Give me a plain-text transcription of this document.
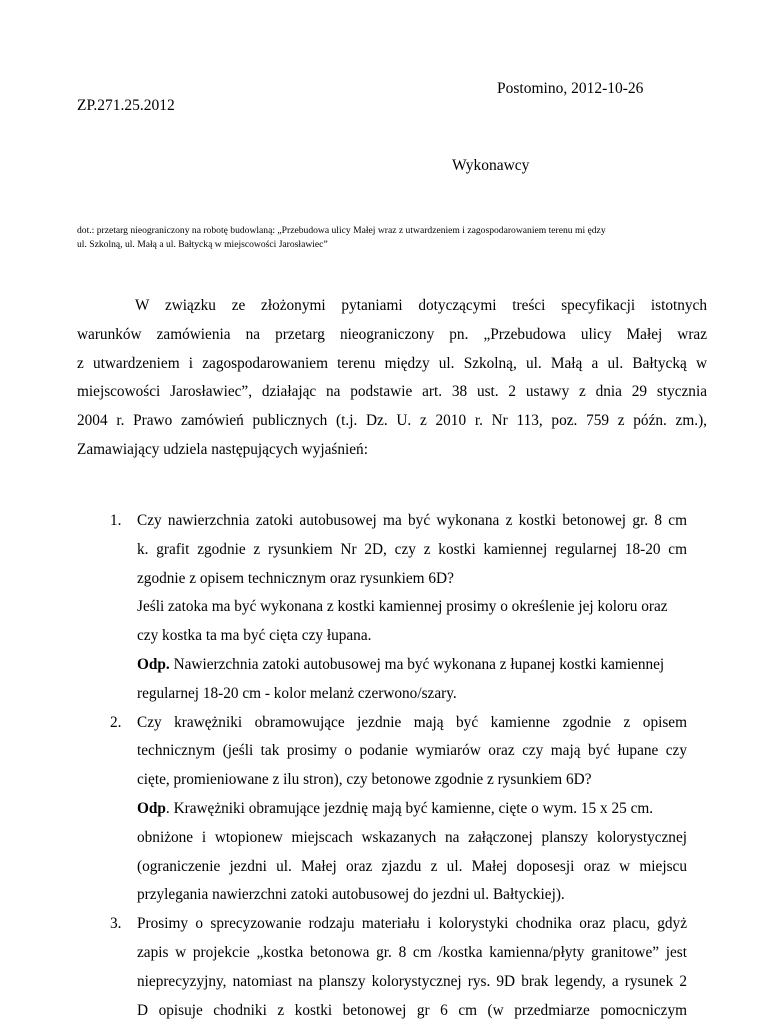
Postomino, 2012-10-26
ZP.271.25.2012
Wykonawcy
dot.: przetarg nieograniczony na robotę budowlaną: „Przebudowa ulicy Małej wraz z utwardzeniem i zagospodarowaniem terenu mi ędzy
ul. Szkolną, ul. Małą a ul. Bałtycką w miejscowości Jarosławiec”
W związku ze złożonymi pytaniami dotyczącymi treści specyfikacji istotnych
warunków zamówienia na przetarg nieograniczony pn. „Przebudowa ulicy Małej wraz
z utwardzeniem i zagospodarowaniem terenu między ul. Szkolną, ul. Małą a ul. Bałtycką w
miejscowości Jarosławiec”, działając na podstawie art. 38 ust. 2 ustawy z dnia 29 stycznia
2004 r. Prawo zamówień publicznych (t.j. Dz. U. z 2010 r. Nr 113, poz. 759 z późn. zm.),
Zamawiający udziela następujących wyjaśnień:
1. Czy nawierzchnia zatoki autobusowej ma być wykonana z kostki betonowej gr. 8 cm
k. grafit zgodnie z rysunkiem Nr 2D, czy z kostki kamiennej regularnej 18-20 cm
zgodnie z opisem technicznym oraz rysunkiem 6D?
Jeśli zatoka ma być wykonana z kostki kamiennej prosimy o określenie jej koloru oraz
czy kostka ta ma być cięta czy łupana.
Odp. Nawierzchnia zatoki autobusowej ma być wykonana z łupanej kostki kamiennej
regularnej 18-20 cm - kolor melanż czerwono/szary.
2. Czy krawężniki obramowujące jezdnie mają być kamienne zgodnie z opisem
technicznym (jeśli tak prosimy o podanie wymiarów oraz czy mają być łupane czy
cięte, promieniowane z ilu stron), czy betonowe zgodnie z rysunkiem 6D?
Odp. Krawężniki obramujące jezdnię mają być kamienne, cięte o wym. 15 x 25 cm.
obniżone i wtopionew miejscach wskazanych na załączonej planszy kolorystycznej
(ograniczenie jezdni ul. Małej oraz zjazdu z ul. Małej doposesji oraz w miejscu
przylegania nawierzchni zatoki autobusowej do jezdni ul. Bałtyckiej).
3. Prosimy o sprecyzowanie rodzaju materiału i kolorystyki chodnika oraz placu, gdyż
zapis w projekcie „kostka betonowa gr. 8 cm /kostka kamienna/płyty granitowe” jest
nieprecyzyjny, natomiast na planszy kolorystycznej rys. 9D brak legendy, a rysunek 2
D opisuje chodniki z kostki betonowej gr 6 cm (w przedmiarze pomocniczym
